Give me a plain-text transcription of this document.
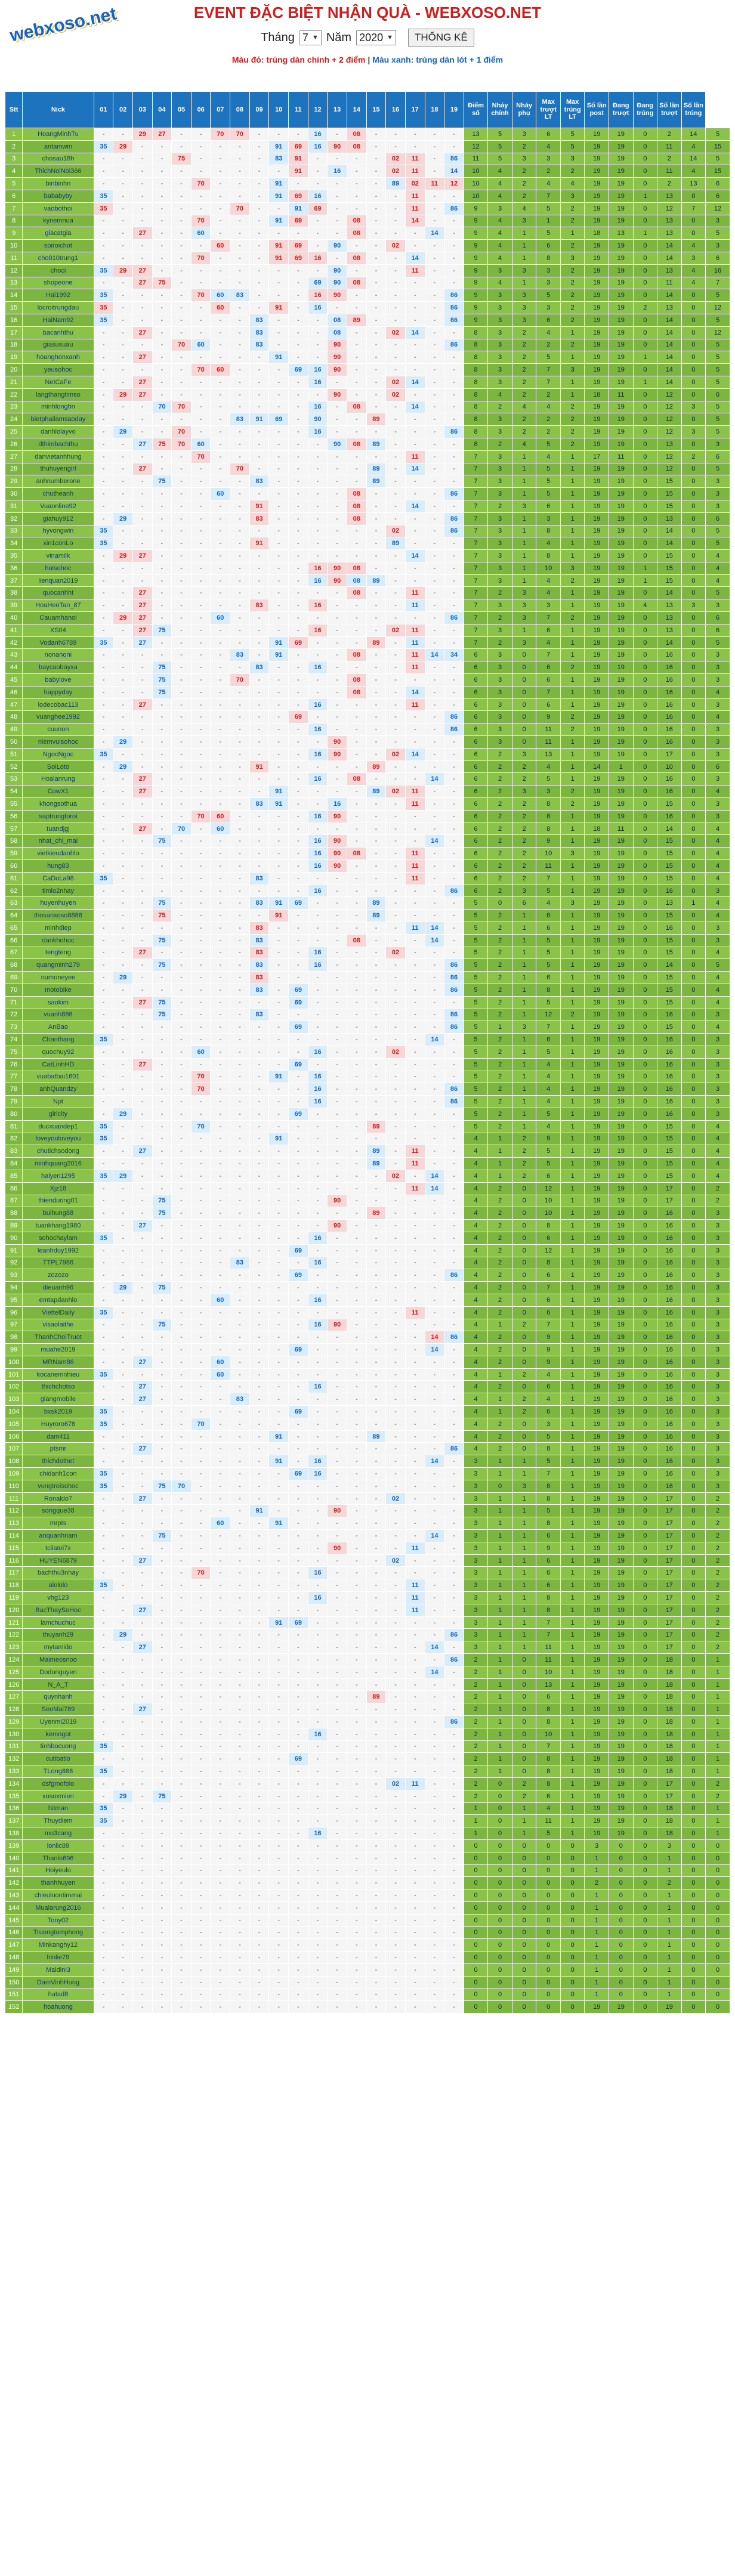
webxoso.net	EVENT ĐẶC BIỆT NHẬN QUÀ - WEBXOSO.NET
Tháng 7 ▼ Năm 2020 ▼	THỐNG KÊ
Màu đỏ: trúng dàn chính + 2 điểm | Màu xanh: trúng dàn lót + 1 điểm
Stt	Nick	01	02	03	04	05	06	07	08	09	10	11	12	13	14	15	16	17	18	19	Điểm số	Nháy chính	Nháy phụ	Max trượt LT	Max trúng LT	Số lần post	Đang trượt	Đang trúng	Số lần trượt	Số lần trúng	
1	HoangMinhTu	-	-	29	27	-	-	70	70	-	-	-	16	-	08	-	-	-	-	-	13	5	3	6	5	19	19	0	2	14	5
2	antamwin	35	29	-	-	-	-	-	-	-	91	69	16	90	08	-	-	-	-	-	12	5	2	4	5	19	19	0	11	4	15
3	chosau18h	-	-	-	-	75	-	-	-	-	83	91	-	-	-	-	02	11	-	86	11	5	3	3	3	19	19	0	2	14	5
4	ThichNoiNoi366	-	-	-	-	-	-	-	-	-	-	91	-	16	-	-	02	11	-	14	10	4	2	2	2	19	19	0	11	4	15
5	binbinhn	-	-	-	-	-	70	-	-	-	91	-	-	-	-	-	89	02	11	12	10	4	2	4	4	19	19	0	2	13	6
6	bababyby	35	-	-	-	-	-	-	-	-	91	69	16	-	-	-	-	11	-	-	10	4	2	7	3	19	19	1	13	0	6
7	vaobothoi	35	-	-	-	-	-	-	70	-	-	91	69	-	-	-	-	11	-	86	9	3	4	5	2	19	19	0	12	7	12
8	kynemnua	-	-	-	-	-	70	-	-	-	91	69	-	-	08	-	-	14	-	-	9	4	3	1	2	19	19	0	13	0	3
9	giacatgia	-	-	27	-	-	60	-	-	-	-	-	-	-	08	-	-	-	14	-	9	4	1	5	1	18	13	1	13	0	5
10	soiroichot	-	-	-	-	-	-	60	-	-	91	69	-	90	-	-	02	-	-	-	9	4	1	6	2	19	19	0	14	4	3
11	cho010trung1	-	-	-	-	-	70	-	-	-	91	69	16	-	08	-	-	14	-	-	9	4	1	8	3	19	19	0	14	3	6
12	choci	35	29	27	-	-	-	-	-	-	-	-	-	90	-	-	-	11	-	-	9	3	3	3	2	19	19	0	13	4	16
13	shopeone	-	-	27	75	-	-	-	-	-	-	-	69	90	08	-	-	-	-	-	9	4	1	3	2	19	19	0	11	4	7
14	Hai1992	35	-	-	-	-	70	60	83	-	-	-	16	90	-	-	-	-	-	86	9	3	3	5	2	19	19	0	14	0	5
15	locroitrungdau	35	-	-	-	-	-	60	-	-	91	-	16	-	-	-	-	-	-	86	9	3	3	3	2	19	19	2	13	0	12
16	HaiNam92	35	-	-	-	-	-	-	-	83	-	-	-	08	89	-	-	-	-	86	9	3	3	6	2	19	19	0	14	0	5
17	bacanhthu	-	-	27	-	-	-	-	-	83	-	-	-	08	-	-	02	14	-	-	8	3	2	4	1	19	19	0	14	0	12
18	giasusuau	-	-	-	-	70	60	-	-	83	-	-	-	90	-	-	-	-	-	86	8	3	2	2	2	19	19	0	14	0	5
19	hoanghonxanh	-	-	27	-	-	-	-	-	-	91	-	-	90	-	-	-	-	-	-	8	3	2	5	1	19	19	1	14	0	5
20	yeusohoc	-	-	-	-	-	70	60	-	-	-	69	16	90	-	-	-	-	-	-	8	3	2	7	3	19	19	0	14	0	5
21	NetCaFe	-	-	27	-	-	-	-	-	-	-	-	16	-	-	-	02	14	-	-	8	3	2	7	1	19	19	1	14	0	5
22	langthangtimso	-	29	27	-	-	-	-	-	-	-	-	-	90	-	-	02	-	-	-	8	4	2	2	1	18	11	0	12	0	6
23	minhlonghn	-	-	-	70	70	-	-	-	-	-	-	16	-	08	-	-	14	-	-	8	2	4	4	2	19	19	0	12	3	5
24	bietphailamsaoday	-	-	-	-	-	-	-	83	91	69	-	90	-	-	89	-	-	-	-	8	3	2	2	2	19	19	0	12	0	5
25	danhlolayvo	-	29	-	-	70	-	-	-	-	-	-	16	-	-	-	-	-	-	86	8	3	2	2	2	19	19	0	12	3	5
26	dthimbachthu	-	-	27	75	70	60	-	-	-	-	-	-	90	08	89	-	-	-	-	8	2	4	5	2	19	19	0	13	0	3
27	danvietanhhung	-	-	-	-	-	70	-	-	-	-	-	-	-	-	-	-	11	-	-	7	3	1	4	1	17	11	0	12	2	6
28	thuhuyengirl	-	-	27	-	-	-	-	70	-	-	-	-	-	-	89	-	14	-	-	7	3	1	5	1	19	19	0	12	0	5
29	anhnumberone	-	-	-	75	-	-	-	-	83	-	-	-	-	-	89	-	-	-	-	7	3	1	5	1	19	19	0	15	0	3
30	chutheanh	-	-	-	-	-	-	60	-	-	-	-	-	-	08	-	-	-	-	86	7	3	1	5	1	19	19	0	15	0	3
31	Vuaonline92	-	-	-	-	-	-	-	-	91	-	-	-	-	08	-	-	14	-	-	7	2	3	6	1	19	19	0	15	0	3
32	giahuy912	-	29	-	-	-	-	-	-	83	-	-	-	-	08	-	-	-	-	86	7	3	1	3	1	19	19	0	13	0	6
33	hyvongwin	35	-	-	-	-	-	-	-	-	-	-	-	-	-	-	02	-	-	86	7	3	1	8	1	19	19	0	14	0	5
34	xin1conLo	35	-	-	-	-	-	-	-	91	-	-	-	-	-	-	89	-	-	-	7	3	1	4	1	19	19	0	14	0	5
35	vinamilk	-	29	27	-	-	-	-	-	-	-	-	-	-	-	-	-	14	-	-	7	3	1	8	1	19	19	0	15	0	4
36	hoisohoc	-	-	-	-	-	-	-	-	-	-	-	16	90	08	-	-	-	-	-	7	3	1	10	3	19	19	1	15	0	4
37	lienquan2019	-	-	-	-	-	-	-	-	-	-	-	16	90	08	89	-	-	-	-	7	3	1	4	2	19	19	1	15	0	4
38	quocanhht	-	-	27	-	-	-	-	-	-	-	-	-	-	08	-	-	11	-	-	7	2	3	4	1	19	19	0	14	0	5
39	HoaHeoTan_87	-	-	27	-	-	-	-	-	83	-	-	16	-	-	-	-	11	-	-	7	3	3	3	1	19	19	4	13	3	3
40	Cauamhanoi	-	29	27	-	-	-	60	-	-	-	-	-	-	-	-	-	-	-	86	7	2	3	7	2	19	19	0	13	0	6
41	XS04	-	-	27	75	-	-	-	-	-	-	-	16	-	-	-	02	11	-	-	7	3	1	6	1	19	19	0	13	0	6
42	Vodanh6789	35	-	27	-	-	-	-	-	-	91	69	-	-	-	89	-	11	-	-	7	2	3	4	1	19	19	0	14	0	5
43	nonanoni	-	-	-	-	-	-	-	83	-	91	-	-	-	08	-	-	11	14	34	6	3	0	7	1	19	19	0	16	0	3
44	baycaobayxa	-	-	-	75	-	-	-	-	83	-	-	16	-	-	-	-	11	-	-	6	3	0	6	2	19	19	0	16	0	3
45	babylove	-	-	-	75	-	-	-	70	-	-	-	-	-	08	-	-	-	-	-	6	3	0	6	1	19	19	0	16	0	3
46	happyday	-	-	-	75	-	-	-	-	-	-	-	-	-	08	-	-	14	-	-	6	3	0	7	1	19	19	0	16	0	4
47	lodecobac113	-	-	27	-	-	-	-	-	-	-	-	16	-	-	-	-	11	-	-	6	3	0	6	1	19	19	0	16	0	3
48	vuanghee1992	-	-	-	-	-	-	-	-	-	-	69	-	-	-	-	-	-	-	86	6	3	0	9	2	19	19	0	16	0	4
49	cuunon	-	-	-	-	-	-	-	-	-	-	-	16	-	-	-	-	-	-	86	6	3	0	11	2	19	19	0	16	0	3
50	niemvuisohoc	-	29	-	-	-	-	-	-	-	-	-	-	90	-	-	-	-	-	-	6	3	0	11	1	19	19	0	16	0	3
51	NgocNgoc	35	-	-	-	-	-	-	-	-	-	-	16	90	-	-	02	14	-	-	6	2	3	13	1	19	19	0	17	0	3
52	SoiLoto	-	29	-	-	-	-	-	-	91	-	-	-	-	-	89	-	-	-	-	6	2	2	4	1	14	1	0	10	0	6
53	Hoalanrung	-	-	27	-	-	-	-	-	-	-	-	16	-	08	-	-	-	14	-	6	2	2	5	1	19	19	0	16	0	3
54	CowX1	-	-	27	-	-	-	-	-	-	91	-	-	-	-	89	02	11	-	-	6	2	3	3	2	19	19	0	16	0	4
55	khongsothua	-	-	-	-	-	-	-	-	83	91	-	-	16	-	-	-	11	-	-	6	2	2	8	2	19	19	0	15	0	3
56	saptrungtoroi	-	-	-	-	-	70	60	-	-	-	-	16	90	-	-	-	-	-	-	6	2	2	8	1	19	19	0	16	0	3
57	tuandjgj	-	-	27	-	70	-	60	-	-	-	-	-	-	-	-	-	-	-	-	6	2	2	8	1	18	11	0	14	0	4
58	nhat_chi_mai	-	-	-	75	-	-	-	-	-	-	-	16	90	-	-	-	-	14	-	6	2	2	9	1	19	19	0	15	0	4
59	vietkieudanhlo	-	-	-	-	-	-	-	-	-	-	-	16	90	08	-	-	11	-	-	6	2	2	10	3	19	19	0	15	0	4
60	hung83	-	-	-	-	-	-	-	-	-	-	-	16	90	-	-	-	11	-	-	6	2	2	11	1	19	19	0	15	0	4
61	CaDoLa98	35	-	-	-	-	-	-	-	83	-	-	-	-	-	-	-	11	-	-	6	2	2	7	1	19	19	0	15	0	4
62	timlo2nhay	-	-	-	-	-	-	-	-	-	-	-	16	-	-	-	-	-	-	86	6	2	3	5	1	19	19	0	16	0	3
63	huyenhuyen	-	-	-	75	-	-	-	-	83	91	69	-	-	-	89	-	-	-	-	5	0	6	4	3	19	19	0	13	1	4
64	thosanxoso8886	-	-	-	75	-	-	-	-	-	91	-	-	-	-	89	-	-	-	-	5	2	1	6	1	19	19	0	15	0	4
65	minhdiep	-	-	-	-	-	-	-	-	83	-	-	-	-	-	-	-	11	14	-	5	2	1	6	1	19	19	0	16	0	3
66	dankhohoc	-	-	-	75	-	-	-	-	83	-	-	-	-	08	-	-	-	14	-	5	2	1	5	1	19	19	0	15	0	3
67	tengteng	-	-	27	-	-	-	-	-	83	-	-	16	-	-	-	02	-	-	-	5	2	1	5	1	19	19	0	15	0	4
68	quangminh279	-	-	-	75	-	-	-	-	83	-	-	16	-	-	-	-	-	-	86	5	2	1	5	1	19	19	0	14	0	5
69	numoneyee	-	29	-	-	-	-	-	-	83	-	-	-	-	-	-	-	-	-	86	5	2	1	6	1	19	19	0	15	0	4
70	motobike	-	-	-	-	-	-	-	-	83	-	69	-	-	-	-	-	-	-	86	5	2	1	8	1	19	19	0	15	0	4
71	saokim	-	-	27	75	-	-	-	-	-	-	69	-	-	-	-	-	-	-	-	5	2	1	5	1	19	19	0	15	0	4
72	vuanh886	-	-	-	75	-	-	-	-	83	-	-	-	-	-	-	-	-	-	86	5	2	1	12	2	19	19	0	16	0	3
73	AnBao	-	-	-	-	-	-	-	-	-	-	69	-	-	-	-	-	-	-	86	5	1	3	7	1	19	19	0	15	0	4
74	Chanthang	35	-	-	-	-	-	-	-	-	-	-	-	-	-	-	-	-	14	-	5	2	1	6	1	19	19	0	16	0	3
75	quochuy92	-	-	-	-	-	60	-	-	-	-	-	16	-	-	-	02	-	-	-	5	2	1	5	1	19	19	0	16	0	3
76	CatLinhHD	-	-	27	-	-	-	-	-	-	-	69	-	-	-	-	-	-	-	-	5	2	1	4	1	19	19	0	16	0	3
77	vuabatbai1601	-	-	-	-	-	70	-	-	-	91	-	16	-	-	-	-	-	-	-	5	2	1	4	1	19	19	0	16	0	3
78	anhQuandzy	-	-	-	-	-	70	-	-	-	-	-	16	-	-	-	-	-	-	86	5	2	1	4	1	19	19	0	16	0	3
79	Npt	-	-	-	-	-	-	-	-	-	-	-	16	-	-	-	-	-	-	86	5	2	1	4	1	19	19	0	16	0	3
80	girlcity	-	29	-	-	-	-	-	-	-	-	69	-	-	-	-	-	-	-	-	5	2	1	5	1	19	19	0	16	0	3
81	ducxuandep1	35	-	-	-	-	70	-	-	-	-	-	-	-	-	89	-	-	-	-	5	2	1	4	1	19	19	0	15	0	4
82	loveyouloveyou	35	-	-	-	-	-	-	-	-	91	-	-	-	-	-	-	-	-	-	4	1	2	9	1	19	19	0	15	0	4
83	chutichsodong	-	-	27	-	-	-	-	-	-	-	-	-	-	-	89	-	11	-	-	4	1	2	5	1	19	19	0	15	0	4
84	minhquang2016	-	-	-	-	-	-	-	-	-	-	-	-	-	-	89	-	11	-	-	4	1	2	5	1	19	19	0	15	0	4
85	haiyen1295	35	29	-	-	-	-	-	-	-	-	-	-	-	-	-	02	-	14	-	4	1	2	6	1	19	19	0	15	0	4
86	Xjz18	-	-	-	-	-	-	-	-	-	-	-	-	-	-	-	-	11	14	-	4	2	0	12	1	19	19	0	17	0	2
87	thienduong01	-	-	-	75	-	-	-	-	-	-	-	-	90	-	-	-	-	-	-	4	2	0	10	1	19	19	0	17	0	2
88	buihung88	-	-	-	75	-	-	-	-	-	-	-	-	-	-	89	-	-	-	-	4	2	0	10	1	19	19	0	16	0	3
89	tuankhang1980	-	-	27	-	-	-	-	-	-	-	-	-	90	-	-	-	-	-	-	4	2	0	8	1	19	19	0	16	0	3
90	sohochaylam	35	-	-	-	-	-	-	-	-	-	-	16	-	-	-	-	-	-	-	4	2	0	6	1	19	19	0	16	0	3
91	leanhduy1992	-	-	-	-	-	-	-	-	-	-	69	-	-	-	-	-	-	-	-	4	2	0	12	1	19	19	0	16	0	3
92	TTPL7986	-	-	-	-	-	-	-	83	-	-	-	16	-	-	-	-	-	-	-	4	2	0	8	1	19	19	0	16	0	3
93	zozozo	-	-	-	-	-	-	-	-	-	-	69	-	-	-	-	-	-	-	86	4	2	0	6	1	19	19	0	16	0	3
94	dieuanh96	-	29	-	75	-	-	-	-	-	-	-	-	-	-	-	-	-	-	-	4	2	0	7	1	19	19	0	16	0	3
95	emtapdanhlo	-	-	-	-	-	-	60	-	-	-	-	16	-	-	-	-	-	-	-	4	2	0	6	1	19	19	0	16	0	3
96	ViettelDaily	35	-	-	-	-	-	-	-	-	-	-	-	-	-	-	-	11	-	-	4	2	0	6	1	19	19	0	16	0	3
97	visaolaithe	-	-	-	75	-	-	-	-	-	-	-	16	90	-	-	-	-	-	-	4	1	2	7	1	19	19	0	16	0	3
98	ThanhChoiTruot	-	-	-	-	-	-	-	-	-	-	-	-	-	-	-	-	-	14	86	4	2	0	9	1	19	19	0	16	0	3
99	muahe2019	-	-	-	-	-	-	-	-	-	-	69	-	-	-	-	-	-	14	-	4	2	0	9	1	19	19	0	16	0	3
100	MRNam86	-	-	27	-	-	-	60	-	-	-	-	-	-	-	-	-	-	-	-	4	2	0	9	1	19	19	0	16	0	3
101	kocanemnhieu	35	-	-	-	-	-	60	-	-	-	-	-	-	-	-	-	-	-	-	4	1	2	4	1	19	19	0	16	0	3
102	thichchotso	-	-	27	-	-	-	-	-	-	-	-	16	-	-	-	-	-	-	-	4	2	0	6	1	19	19	0	16	0	3
103	giangmobile	-	-	27	-	-	-	-	83	-	-	-	-	-	-	-	-	-	-	-	4	1	2	4	1	19	19	0	16	0	3
104	bxsk2019	35	-	-	-	-	-	-	-	-	-	69	-	-	-	-	-	-	-	-	4	1	2	6	1	19	19	0	16	0	3
105	Huyroro678	35	-	-	-	-	70	-	-	-	-	-	-	-	-	-	-	-	-	-	4	2	0	3	1	19	19	0	16	0	3
106	dam411	-	-	-	-	-	-	-	-	-	91	-	-	-	-	89	-	-	-	-	4	2	0	5	1	19	19	0	16	0	3
107	ptsmr	-	-	27	-	-	-	-	-	-	-	-	-	-	-	-	-	-	-	86	4	2	0	8	1	19	19	0	16	0	3
108	thichdothet	-	-	-	-	-	-	-	-	-	91	-	16	-	-	-	-	-	14	-	3	1	1	5	1	19	19	0	16	0	3
109	chidanh1con	35	-	-	-	-	-	-	-	-	-	69	16	-	-	-	-	-	-	-	3	1	1	7	1	19	19	0	16	0	3
110	vungtroisohoc	35	-	-	75	70	-	-	-	-	-	-	-	-	-	-	-	-	-	-	3	0	3	8	1	19	19	0	16	0	3
111	Ronaldo7	-	-	27	-	-	-	-	-	-	-	-	-	-	-	-	02	-	-	-	3	1	1	8	1	19	19	0	17	0	2
112	songque38	-	-	-	-	-	-	-	-	91	-	-	-	90	-	-	-	-	-	-	3	1	1	5	1	19	19	0	17	0	2
113	mrpts	-	-	-	-	-	-	60	-	-	91	-	-	-	-	-	-	-	-	-	3	1	1	8	1	19	19	0	17	0	2
114	anquanhnam	-	-	-	75	-	-	-	-	-	-	-	-	-	-	-	-	-	14	-	3	1	1	6	1	19	19	0	17	0	2
115	tcilatoi7x	-	-	-	-	-	-	-	-	-	-	-	-	90	-	-	-	11	-	-	3	1	1	9	1	19	19	0	17	0	2
116	HUYEN6879	-	-	27	-	-	-	-	-	-	-	-	-	-	-	-	02	-	-	-	3	1	1	6	1	19	19	0	17	0	2
117	bachthu3nhay	-	-	-	-	-	70	-	-	-	-	-	16	-	-	-	-	-	-	-	3	1	1	6	1	19	19	0	17	0	2
118	alololo	35	-	-	-	-	-	-	-	-	-	-	-	-	-	-	-	11	-	-	3	1	1	6	1	19	19	0	17	0	2
119	vhg123	-	-	-	-	-	-	-	-	-	-	-	16	-	-	-	-	11	-	-	3	1	1	8	1	19	19	0	17	0	2
120	BacThaySoHoc	-	-	27	-	-	-	-	-	-	-	-	-	-	-	-	-	11	-	-	3	1	1	8	1	19	19	0	17	0	2
121	lamchuchuc	-	-	-	-	-	-	-	-	-	91	69	-	-	-	-	-	-	-	-	3	1	1	7	1	19	19	0	17	0	2
122	thuyanh29	-	29	-	-	-	-	-	-	-	-	-	-	-	-	-	-	-	-	86	3	1	1	7	1	19	19	0	17	0	2
123	mytamido	-	-	27	-	-	-	-	-	-	-	-	-	-	-	-	-	-	14	-	3	1	1	11	1	19	19	0	17	0	2
124	Maimeosnoo	-	-	-	-	-	-	-	-	-	-	-	-	-	-	-	-	-	-	86	2	1	0	11	1	19	19	0	18	0	1
125	Dodonguyen	-	-	-	-	-	-	-	-	-	-	-	-	-	-	-	-	-	14	-	2	1	0	10	1	19	19	0	18	0	1
126	N_A_T	-	-	-	-	-	-	-	-	-	-	-	-	-	-	-	-	-	-	-	2	1	0	13	1	19	19	0	18	0	1
127	quynhanh	-	-	-	-	-	-	-	-	-	-	-	-	-	-	89	-	-	-	-	2	1	0	6	1	19	19	0	18	0	1
128	SeoMai789	-	-	27	-	-	-	-	-	-	-	-	-	-	-	-	-	-	-	-	2	1	0	8	1	19	19	0	18	0	1
129	Uyenmi2019	-	-	-	-	-	-	-	-	-	-	-	-	-	-	-	-	-	-	86	2	1	0	8	1	19	19	0	18	0	1
130	kemngot	-	-	-	-	-	-	-	-	-	-	-	16	-	-	-	-	-	-	-	2	1	0	10	1	19	19	0	18	0	1
131	tinhbocuong	35	-	-	-	-	-	-	-	-	-	-	-	-	-	-	-	-	-	-	2	1	0	7	1	19	19	0	18	0	1
132	cutibatlo	-	-	-	-	-	-	-	-	-	-	69	-	-	-	-	-	-	-	-	2	1	0	8	1	19	19	0	18	0	1
133	TLong888	35	-	-	-	-	-	-	-	-	-	-	-	-	-	-	-	-	-	-	2	1	0	8	1	19	19	0	18	0	1
134	dsfgmofolo	-	-	-	-	-	-	-	-	-	-	-	-	-	-	-	02	11	-	-	2	0	2	8	1	19	19	0	17	0	2
135	xosoxmien	-	29	-	75	-	-	-	-	-	-	-	-	-	-	-	-	-	-	-	2	0	2	6	1	19	19	0	17	0	2
136	hitman	35	-	-	-	-	-	-	-	-	-	-	-	-	-	-	-	-	-	-	1	0	1	4	1	19	19	0	18	0	1
137	Thuydiem	35	-	-	-	-	-	-	-	-	-	-	-	-	-	-	-	-	-	-	1	0	1	11	1	19	19	0	18	0	1
138	mo3cang	-	-	-	-	-	-	-	-	-	-	-	16	-	-	-	-	-	-	-	1	0	1	5	1	19	19	0	18	0	1
139	lonlic89	-	-	-	-	-	-	-	-	-	-	-	-	-	-	-	-	-	-	-	0	0	0	0	0	3	0	0	3	0	0
140	Thanlo696	-	-	-	-	-	-	-	-	-	-	-	-	-	-	-	-	-	-	-	0	0	0	0	0	1	0	0	1	0	0
141	Hoiyeulo	-	-	-	-	-	-	-	-	-	-	-	-	-	-	-	-	-	-	-	0	0	0	0	0	1	0	0	1	0	0
142	thanhhuyen	-	-	-	-	-	-	-	-	-	-	-	-	-	-	-	-	-	-	-	0	0	0	0	0	2	0	0	2	0	0
143	chieuluontimmai	-	-	-	-	-	-	-	-	-	-	-	-	-	-	-	-	-	-	-	0	0	0	0	0	1	0	0	1	0	0
144	Mualarung2016	-	-	-	-	-	-	-	-	-	-	-	-	-	-	-	-	-	-	-	0	0	0	0	0	1	0	0	1	0	0
145	Tony02	-	-	-	-	-	-	-	-	-	-	-	-	-	-	-	-	-	-	-	0	0	0	0	0	1	0	0	1	0	0
146	Truongtamphong	-	-	-	-	-	-	-	-	-	-	-	-	-	-	-	-	-	-	-	0	0	0	0	0	1	0	0	1	0	0
147	Minkanghy12	-	-	-	-	-	-	-	-	-	-	-	-	-	-	-	-	-	-	-	0	0	0	0	0	1	0	0	1	0	0
148	hinlie79	-	-	-	-	-	-	-	-	-	-	-	-	-	-	-	-	-	-	-	0	0	0	0	0	1	0	0	1	0	0
149	Maldini3	-	-	-	-	-	-	-	-	-	-	-	-	-	-	-	-	-	-	-	0	0	0	0	0	1	0	0	1	0	0
150	DamVinhHung	-	-	-	-	-	-	-	-	-	-	-	-	-	-	-	-	-	-	-	0	0	0	0	0	1	0	0	1	0	0
151	hatad8	-	-	-	-	-	-	-	-	-	-	-	-	-	-	-	-	-	-	-	0	0	0	0	0	1	0	0	1	0	0
152	hoahuong	-	-	-	-	-	-	-	-	-	-	-	-	-	-	-	-	-	-	-	0	0	0	0	0	19	19	0	19	0	0
